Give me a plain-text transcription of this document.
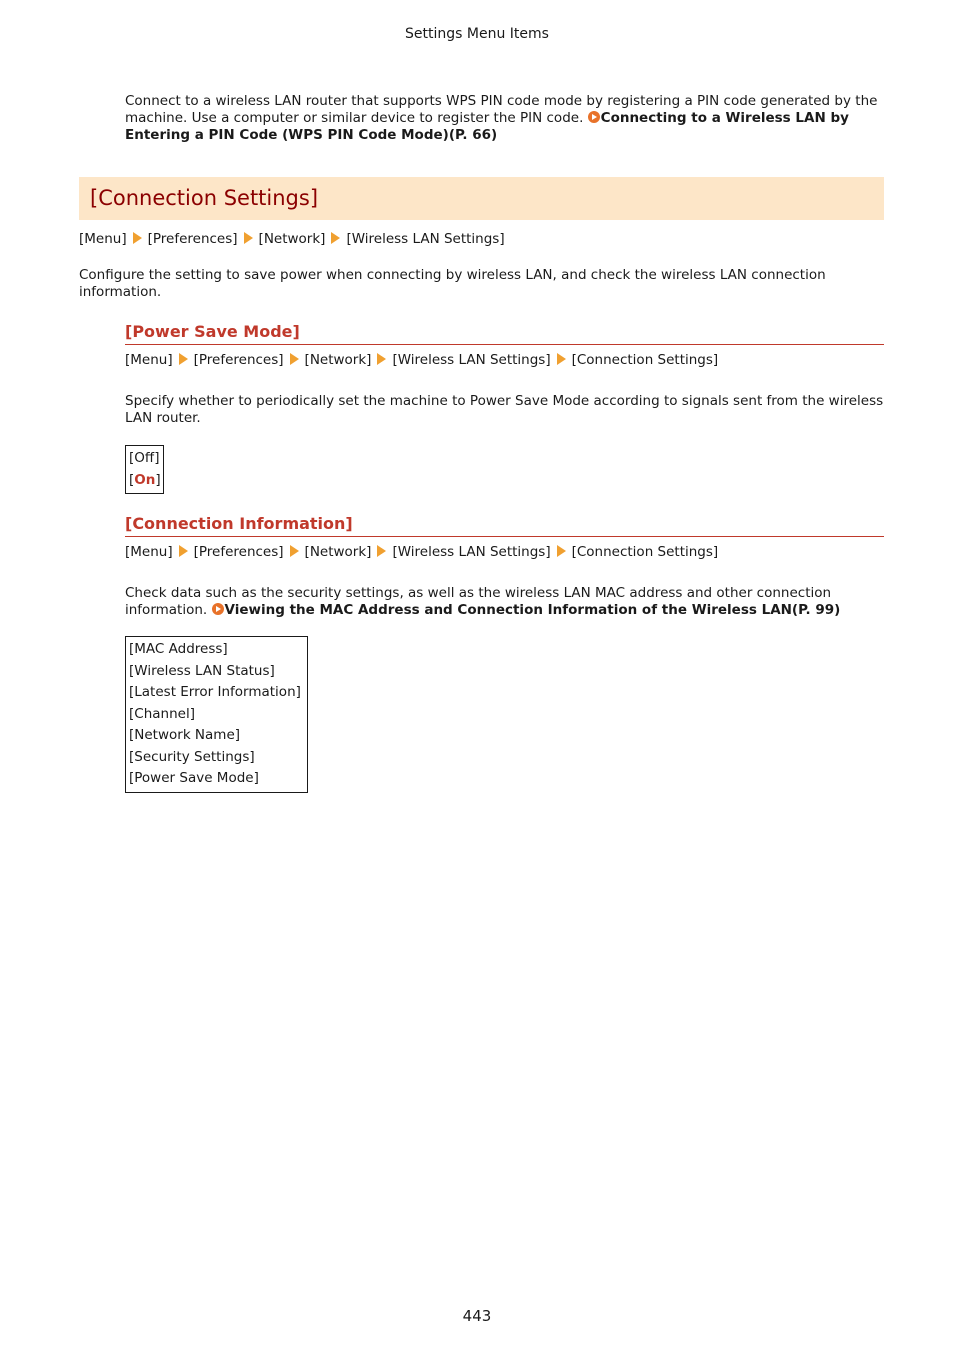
Settings Menu Items
Connect to a wireless LAN router that supports WPS PIN code mode by registering a PIN code generated by the machine. Use a computer or similar device to register the PIN code. Connecting to a Wireless LAN by Entering a PIN Code (WPS PIN Code Mode)(P. 66)
[Connection Settings]
[Menu] [Preferences] [Network] [Wireless LAN Settings]
Configure the setting to save power when connecting by wireless LAN, and check the wireless LAN connection information.
[Power Save Mode]
[Menu] [Preferences] [Network] [Wireless LAN Settings] [Connection Settings]
Specify whether to periodically set the machine to Power Save Mode according to signals sent from the wireless LAN router.
[Off]
[On]
[Connection Information]
[Menu] [Preferences] [Network] [Wireless LAN Settings] [Connection Settings]
Check data such as the security settings, as well as the wireless LAN MAC address and other connection information. Viewing the MAC Address and Connection Information of the Wireless LAN(P. 99)
[MAC Address]
[Wireless LAN Status]
[Latest Error Information]
[Channel]
[Network Name]
[Security Settings]
[Power Save Mode]
443
